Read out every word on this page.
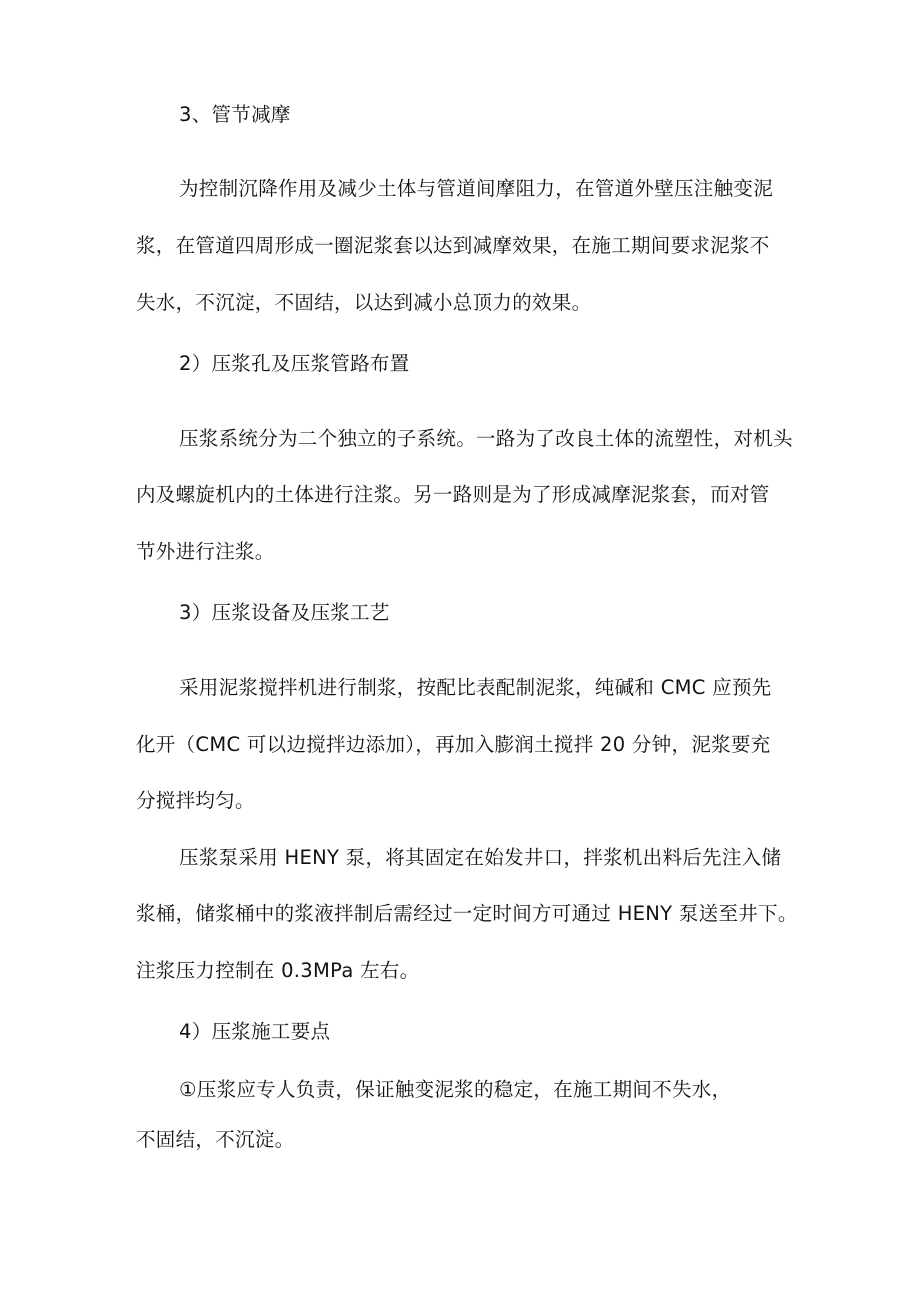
3、管节减摩
为控制沉降作用及减少土体与管道间摩阻力，在管道外壁压注触变泥
浆，在管道四周形成一圈泥浆套以达到减摩效果，在施工期间要求泥浆不
失水，不沉淀，不固结，以达到减小总顶力的效果。
2）压浆孔及压浆管路布置
压浆系统分为二个独立的子系统。一路为了改良土体的流塑性，对机头
内及螺旋机内的土体进行注浆。另一路则是为了形成减摩泥浆套，而对管
节外进行注浆。
3）压浆设备及压浆工艺
采用泥浆搅拌机进行制浆，按配比表配制泥浆，纯碱和 CMC 应预先
化开（CMC 可以边搅拌边添加），再加入膨润土搅拌 20 分钟，泥浆要充
分搅拌均匀。
压浆泵采用 HENY 泵，将其固定在始发井口，拌浆机出料后先注入储
浆桶，储浆桶中的浆液拌制后需经过一定时间方可通过 HENY 泵送至井下。
注浆压力控制在 0.3MPa 左右。
4）压浆施工要点
①压浆应专人负责，保证触变泥浆的稳定，在施工期间不失水，
不固结，不沉淀。
